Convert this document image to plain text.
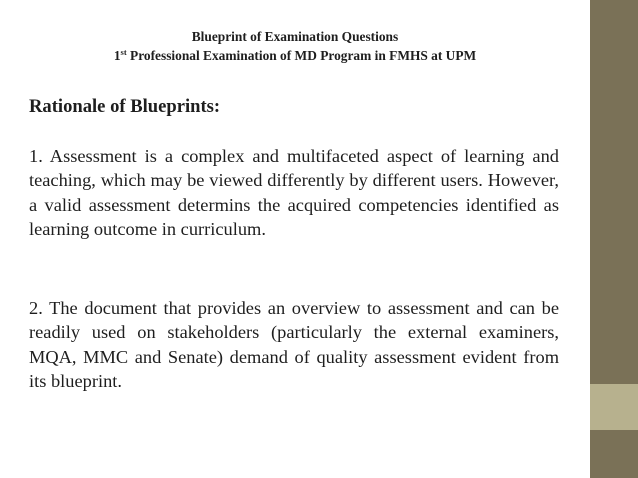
Blueprint of Examination Questions
1st Professional Examination of MD Program in FMHS at UPM
Rationale of Blueprints:
1. Assessment is a complex and multifaceted aspect of learning and teaching, which may be viewed differently by different users. However, a valid assessment determins the acquired competencies identified as learning outcome in curriculum.
2. The document that provides an overview to assessment and can be readily used on stakeholders (particularly the external examiners, MQA, MMC and Senate) demand of quality assessment evident from its blueprint.
